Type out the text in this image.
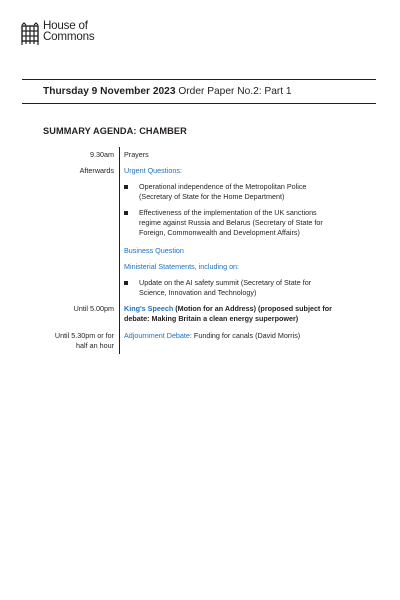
House of
Commons
Thursday 9 November 2023 Order Paper No.2: Part 1
SUMMARY AGENDA: CHAMBER
9.30am Prayers
Afterwards Urgent Questions:
Operational independence of the Metropolitan Police
(Secretary of State for the Home Department)
Effectiveness of the implementation of the UK sanctions
regime against Russia and Belarus (Secretary of State for
Foreign, Commonwealth and Development Affairs)
Business Question
Ministerial Statements, including on:
Update on the AI safety summit (Secretary of State for
Science, Innovation and Technology)
Until 5.00pm King's Speech (Motion for an Address) (proposed subject for
debate: Making Britain a clean energy superpower)
Until 5.30pm or for
half an hour
Adjournment Debate: Funding for canals (David Morris)
